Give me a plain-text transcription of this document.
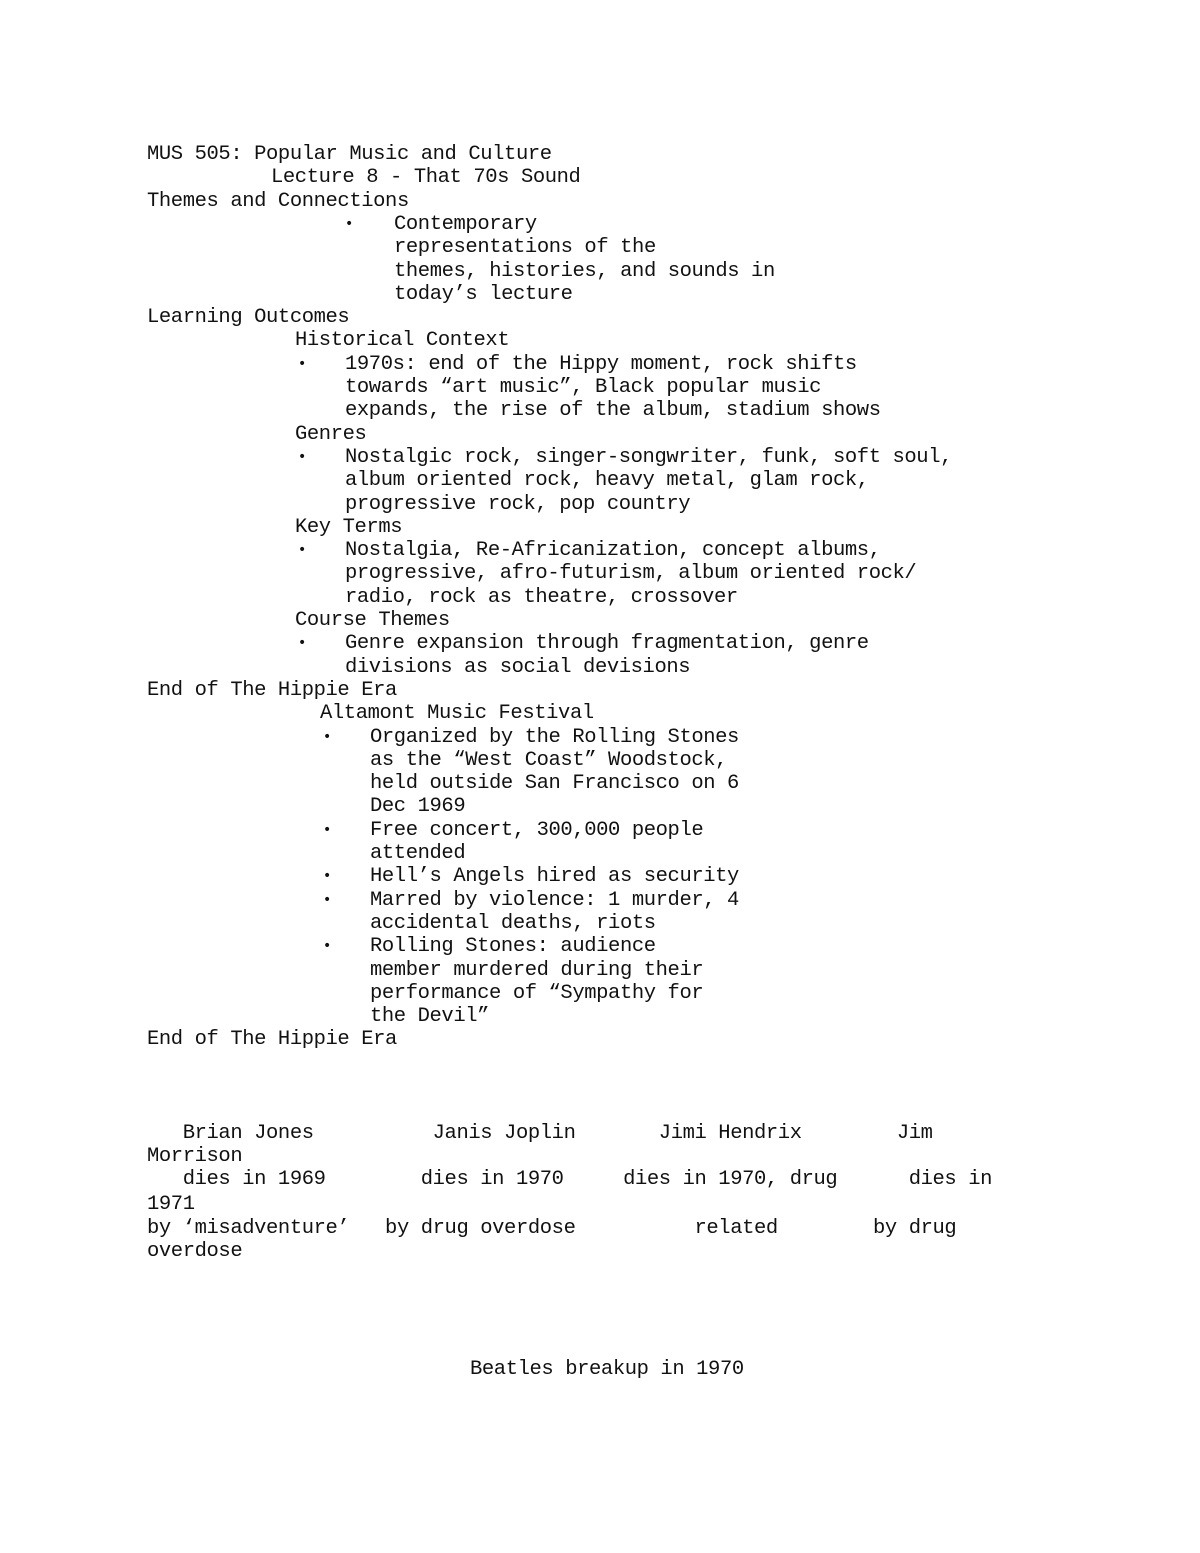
MUS 505: Popular Music and Culture
Lecture 8 - That 70s Sound
Themes and Connections
• Contemporary
representations of the
themes, histories, and sounds in
today’s lecture
Learning Outcomes
Historical Context
• 1970s: end of the Hippy moment, rock shifts
towards “art music”, Black popular music
expands, the rise of the album, stadium shows
Genres
• Nostalgic rock, singer-songwriter, funk, soft soul,
album oriented rock, heavy metal, glam rock,
progressive rock, pop country
Key Terms
• Nostalgia, Re-Africanization, concept albums,
progressive, afro-futurism, album oriented rock/
radio, rock as theatre, crossover
Course Themes
• Genre expansion through fragmentation, genre
divisions as social devisions
End of The Hippie Era
Altamont Music Festival
• Organized by the Rolling Stones
as the “West Coast” Woodstock,
held outside San Francisco on 6
Dec 1969
• Free concert, 300,000 people
attended
• Hell’s Angels hired as security
• Marred by violence: 1 murder, 4
accidental deaths, riots
• Rolling Stones: audience
member murdered during their
performance of “Sympathy for
the Devil”
End of The Hippie Era
Brian Jones          Janis Joplin       Jimi Hendrix        Jim
Morrison
dies in 1969        dies in 1970     dies in 1970, drug      dies in
1971
by ‘misadventure’   by drug overdose          related        by drug
overdose
Beatles breakup in 1970
